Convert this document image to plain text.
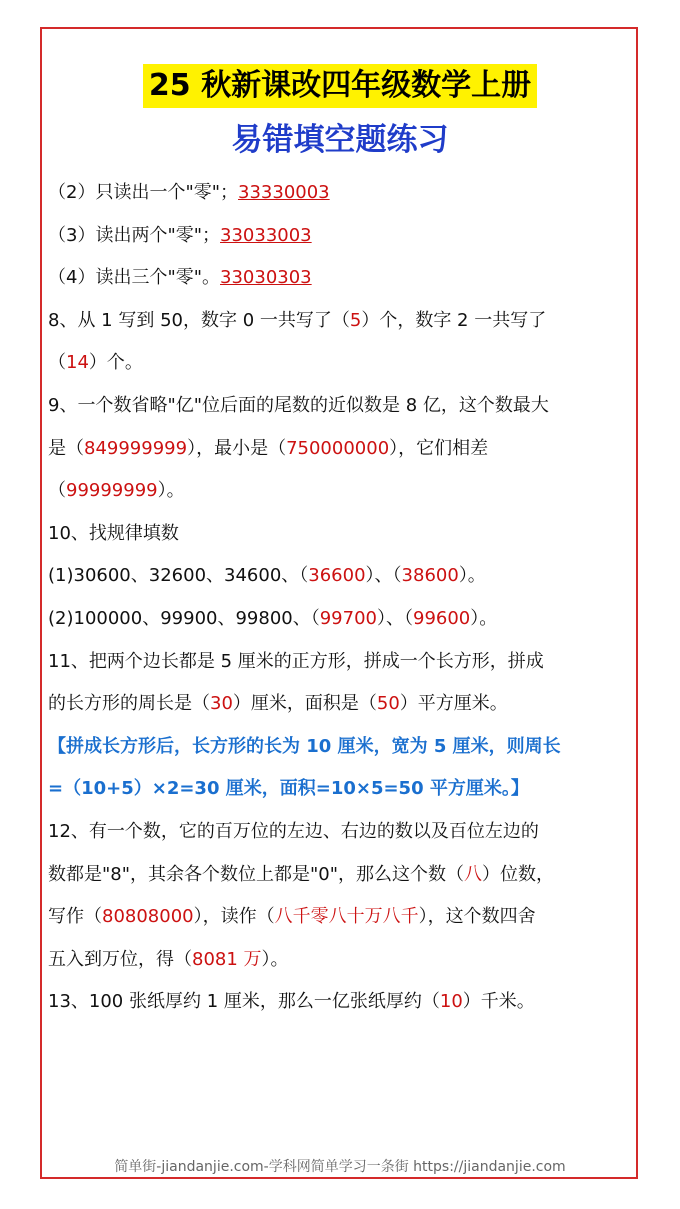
25 秋新课改四年级数学上册
易错填空题练习
（2）只读出一个"零"；33330003
（3）读出两个"零"；33033003
（4）读出三个"零"。33030303
8、从 1 写到 50，数字 0 一共写了（5）个，数字 2 一共写了
（14）个。
9、一个数省略"亿"位后面的尾数的近似数是 8 亿，这个数最大
是（849999999），最小是（750000000），它们相差
（99999999）。
10、找规律填数
(1)30600、32600、34600、（36600）、（38600）。
(2)100000、99900、99800、（99700）、（99600）。
11、把两个边长都是 5 厘米的正方形，拼成一个长方形，拼成
的长方形的周长是（30）厘米，面积是（50）平方厘米。
【拼成长方形后，长方形的长为 10 厘米，宽为 5 厘米，则周长
=（10+5）×2=30 厘米，面积=10×5=50 平方厘米。】
12、有一个数，它的百万位的左边、右边的数以及百位左边的
数都是"8"，其余各个数位上都是"0"，那么这个数（八）位数，
写作（80808000），读作（八千零八十万八千），这个数四舍
五入到万位，得（8081 万）。
13、100 张纸厚约 1 厘米，那么一亿张纸厚约（10）千米。
简单街-jiandanjie.com-学科网简单学习一条街 https://jiandanjie.com
